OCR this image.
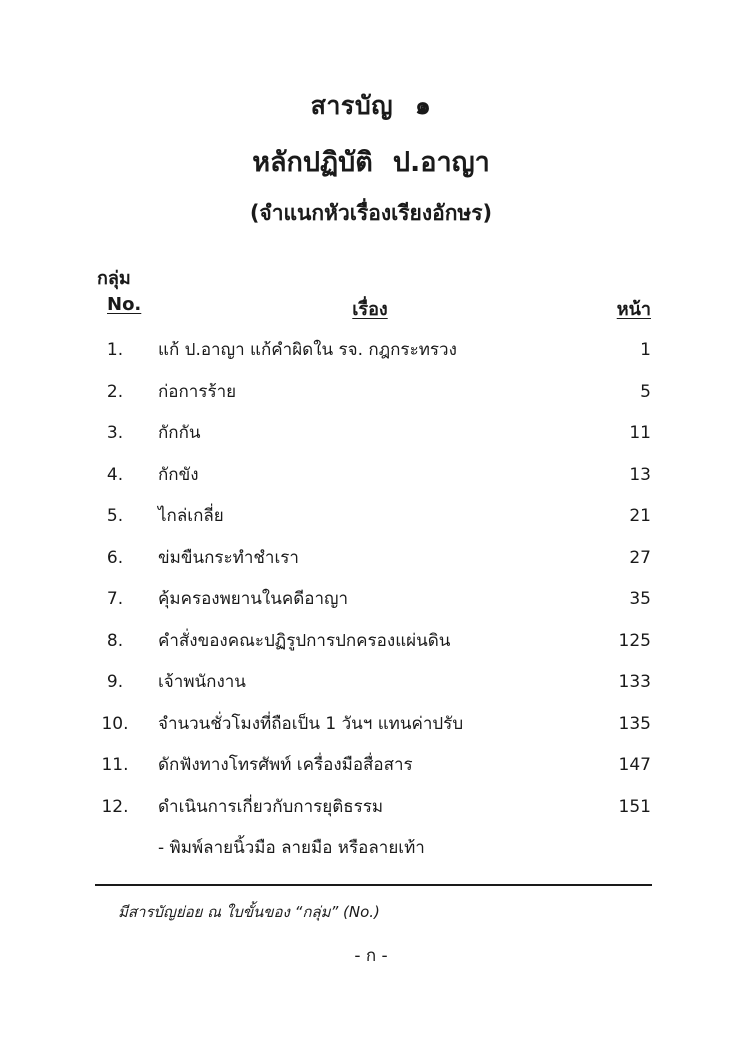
สารบัญ ๑
หลักปฏิบัติ ป.อาญา
(จำแนกหัวเรื่องเรียงอักษร)
กลุ่ม
No.	เรื่อง	หน้า
1.	แก้ ป.อาญา แก้คำผิดใน รจ. กฎกระทรวง	1
2.	ก่อการร้าย	5
3.	กักกัน	11
4.	กักขัง	13
5.	ไกล่เกลี่ย	21
6.	ข่มขืนกระทำชำเรา	27
7.	คุ้มครองพยานในคดีอาญา	35
8.	คำสั่งของคณะปฏิรูปการปกครองแผ่นดิน	125
9.	เจ้าพนักงาน	133
10.	จำนวนชั่วโมงที่ถือเป็น 1 วันฯ แทนค่าปรับ	135
11.	ดักฟังทางโทรศัพท์ เครื่องมือสื่อสาร	147
12.	ดำเนินการเกี่ยวกับการยุติธรรม	151
- พิมพ์ลายนิ้วมือ ลายมือ หรือลายเท้า
มีสารบัญย่อย ณ ใบขั้นของ “กลุ่ม” (No.)
- ก -
